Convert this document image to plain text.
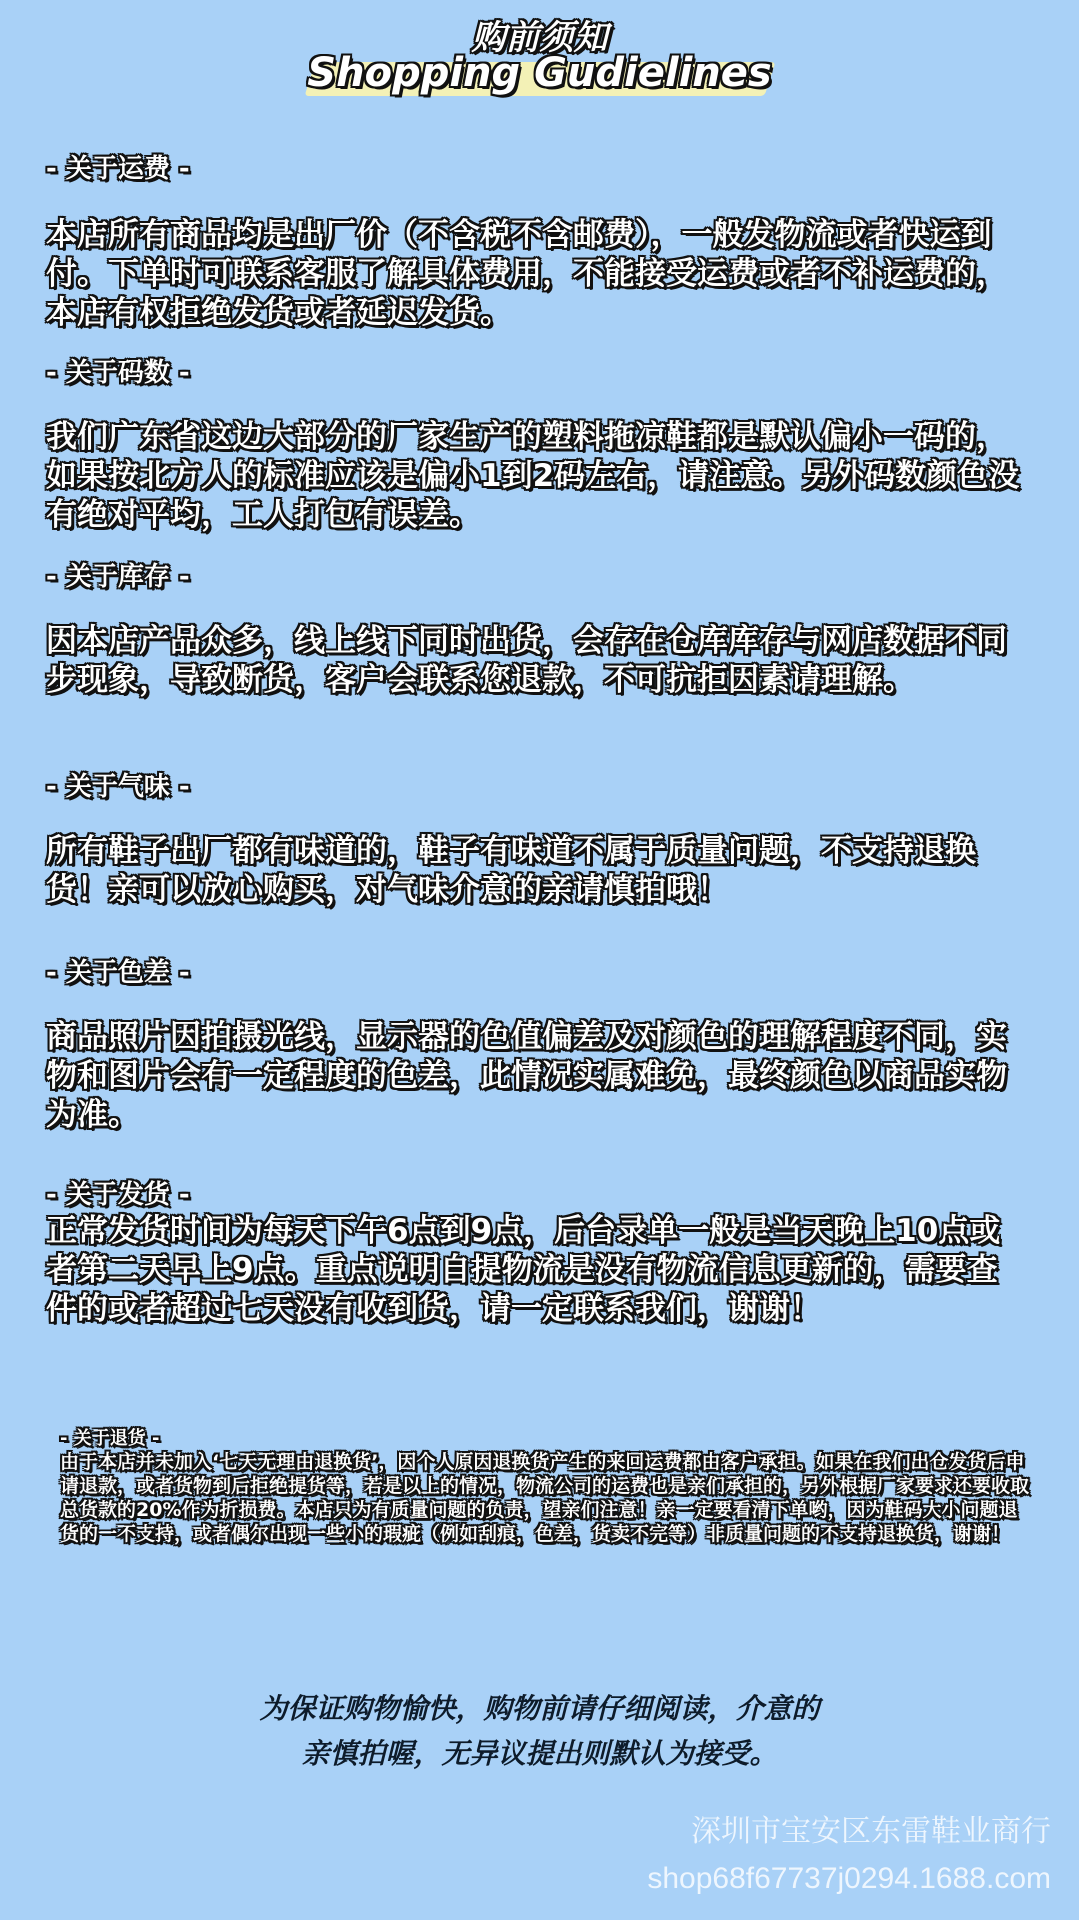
购前须知
Shopping Gudielines
- 关于运费 -
本店所有商品均是出厂价（不含税不含邮费），一般发物流或者快运到付。下单时可联系客服了解具体费用，不能接受运费或者不补运费的，本店有权拒绝发货或者延迟发货。
- 关于码数 -
我们广东省这边大部分的厂家生产的塑料拖凉鞋都是默认偏小一码的，如果按北方人的标准应该是偏小1到2码左右，请注意。另外码数颜色没有绝对平均，工人打包有误差。
- 关于库存 -
因本店产品众多，线上线下同时出货，会存在仓库库存与网店数据不同步现象，导致断货，客户会联系您退款，不可抗拒因素请理解。
- 关于气味 -
所有鞋子出厂都有味道的，鞋子有味道不属于质量问题，不支持退换货！亲可以放心购买，对气味介意的亲请慎拍哦！
- 关于色差 -
商品照片因拍摄光线，显示器的色值偏差及对颜色的理解程度不同，实物和图片会有一定程度的色差，此情况实属难免，最终颜色以商品实物为准。
- 关于发货 -
正常发货时间为每天下午6点到9点，后台录单一般是当天晚上10点或者第二天早上9点。重点说明自提物流是没有物流信息更新的，需要查件的或者超过七天没有收到货，请一定联系我们，谢谢！
- 关于退货 -
由于本店并未加入‘七天无理由退换货’，因个人原因退换货产生的来回运费都由客户承担。如果在我们出仓发货后申请退款，或者货物到后拒绝提货等，若是以上的情况，物流公司的运费也是亲们承担的，另外根据厂家要求还要收取总货款的20%作为折损费。本店只为有质量问题的负责，望亲们注意！亲一定要看清下单哟，因为鞋码大小问题退货的一不支持，或者偶尔出现一些小的瑕疵（例如刮痕，色差，货卖不完等）非质量问题的不支持退换货，谢谢！
为保证购物愉快，购物前请仔细阅读，介意的
亲慎拍喔，无异议提出则默认为接受。
深圳市宝安区东雷鞋业商行
shop68f67737j0294.1688.com
